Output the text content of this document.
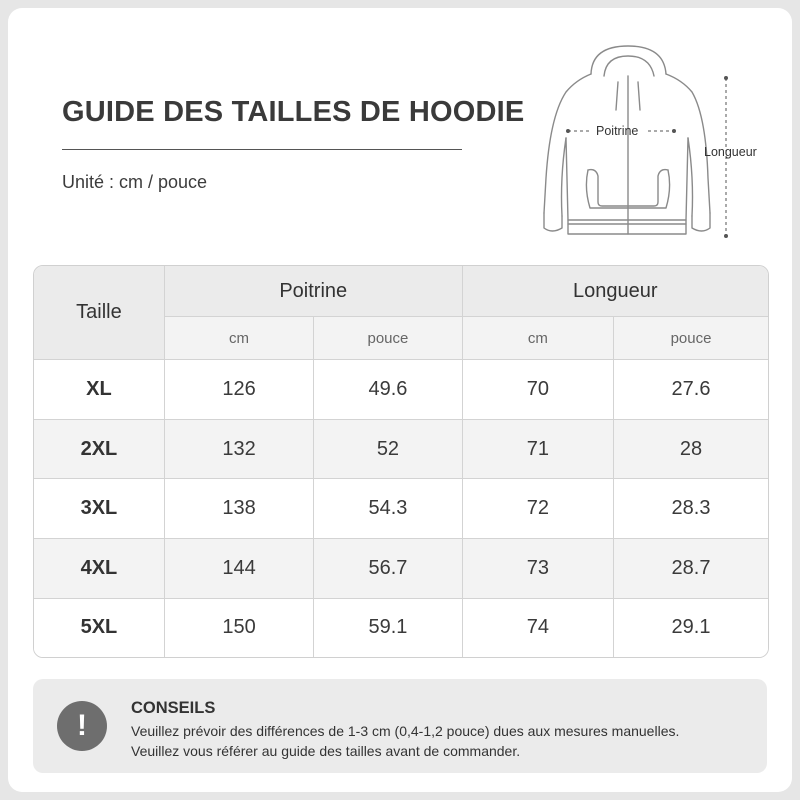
GUIDE DES TAILLES DE HOODIE
Unité : cm / pouce
Poitrine
Longueur
Taille	Poitrine		Longueur	
	cm	pouce	cm	pouce
XL	126	49.6	70	27.6
2XL	132	52	71	28
3XL	138	54.3	72	28.3
4XL	144	56.7	73	28.7
5XL	150	59.1	74	29.1
!
CONSEILS
Veuillez prévoir des différences de 1-3 cm (0,4-1,2 pouce) dues aux mesures manuelles.
Veuillez vous référer au guide des tailles avant de commander.
